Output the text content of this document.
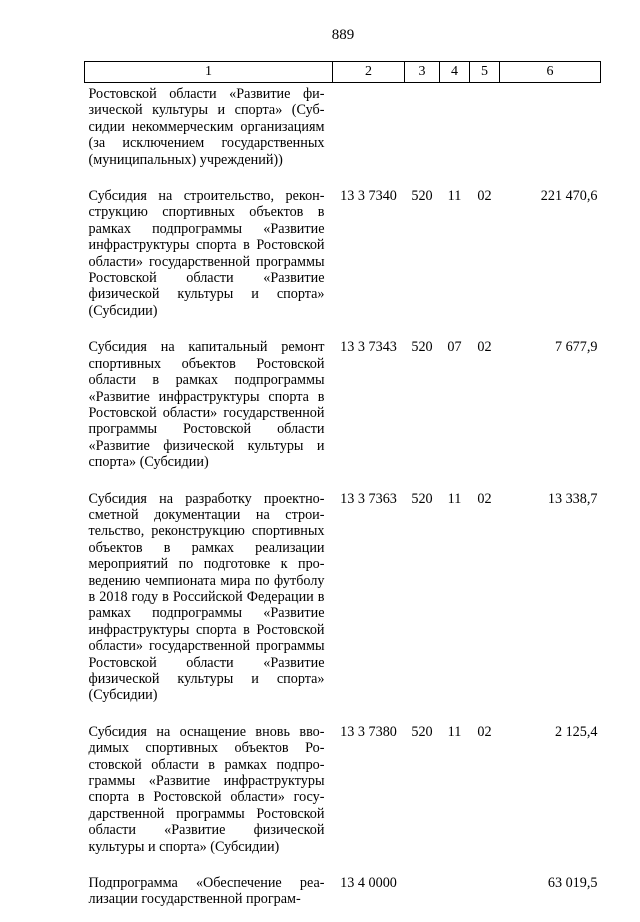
889
1	2	3	4	5	6
Ростовской области «Развитие физической культуры и спорта» (Субсидии некоммерческим организациям (за исключением государственных (муниципальных) учреждений))					
Субсидия на строительство, реконструкцию спортивных объектов в рамках подпрограммы «Развитие инфраструктуры спорта в Ростовской области» государственной программы Ростовской области «Развитие физической культуры и спорта» (Субсидии)	13 3 7340	520	11	02	221 470,6
Субсидия на капитальный ремонт спортивных объектов Ростовской области в рамках подпрограммы «Развитие инфраструктуры спорта в Ростовской области» государственной программы Ростовской области «Развитие физической культуры и спорта» (Субсидии)	13 3 7343	520	07	02	7 677,9
Субсидия на разработку проектно-сметной документации на строительство, реконструкцию спортивных объектов в рамках реализации мероприятий по подготовке к проведению чемпионата мира по футболу в 2018 году в Российской Федерации в рамках подпрограммы «Развитие инфраструктуры спорта в Ростовской области» государственной программы Ростовской области «Развитие физической культуры и спорта» (Субсидии)	13 3 7363	520	11	02	13 338,7
Субсидия на оснащение вновь вводимых спортивных объектов Ростовской области в рамках подпрограммы «Развитие инфраструктуры спорта в Ростовской области» государственной программы Ростовской области «Развитие физической культуры и спорта» (Субсидии)	13 3 7380	520	11	02	2 125,4
Подпрограмма «Обеспечение реализации государственной програм-	13 4 0000				63 019,5
